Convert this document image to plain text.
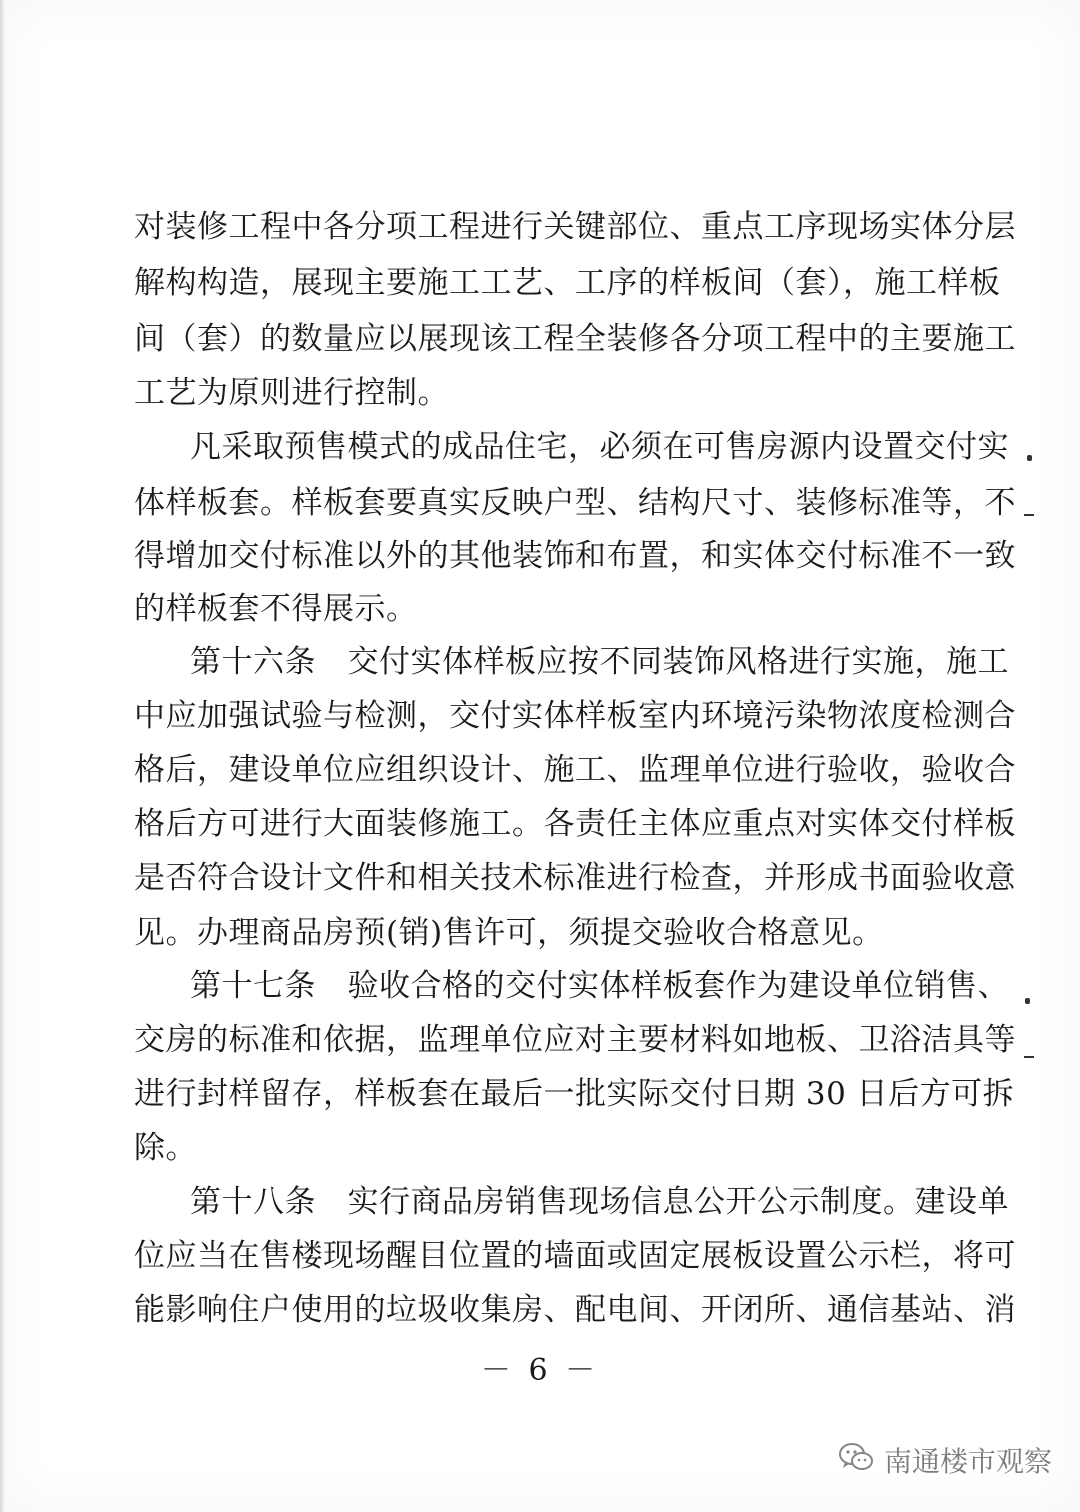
对装修工程中各分项工程进行关键部位、重点工序现场实体分层
解构构造，展现主要施工工艺、工序的样板间（套），施工样板
间（套）的数量应以展现该工程全装修各分项工程中的主要施工
工艺为原则进行控制。
凡采取预售模式的成品住宅，必须在可售房源内设置交付实
体样板套。样板套要真实反映户型、结构尺寸、装修标准等，不
得增加交付标准以外的其他装饰和布置，和实体交付标准不一致
的样板套不得展示。
第十六条　交付实体样板应按不同装饰风格进行实施，施工
中应加强试验与检测，交付实体样板室内环境污染物浓度检测合
格后，建设单位应组织设计、施工、监理单位进行验收，验收合
格后方可进行大面装修施工。各责任主体应重点对实体交付样板
是否符合设计文件和相关技术标准进行检查，并形成书面验收意
见。办理商品房预(销)售许可，须提交验收合格意见。
第十七条　验收合格的交付实体样板套作为建设单位销售、
交房的标准和依据，监理单位应对主要材料如地板、卫浴洁具等
进行封样留存，样板套在最后一批实际交付日期 30 日后方可拆
除。
第十八条　实行商品房销售现场信息公开公示制度。建设单
位应当在售楼现场醒目位置的墙面或固定展板设置公示栏，将可
能影响住户使用的垃圾收集房、配电间、开闭所、通信基站、消
－ 6 －
南通楼市观察
